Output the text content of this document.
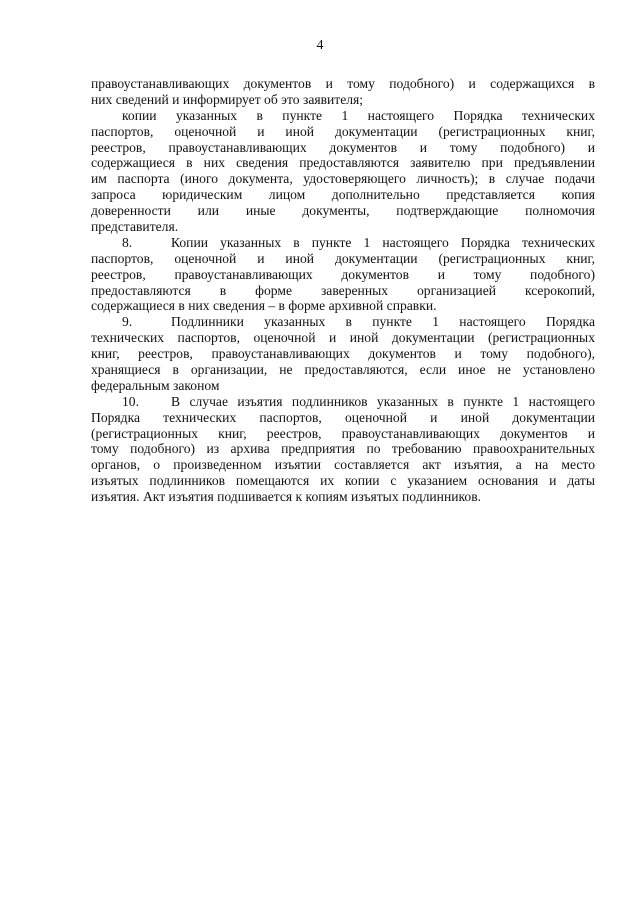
4
правоустанавливающих документов и тому подобного) и содержащихся в
них сведений и информирует об это заявителя;
копии указанных в пункте 1 настоящего Порядка технических
паспортов, оценочной и иной документации (регистрационных книг,
реестров, правоустанавливающих документов и тому подобного) и
содержащиеся в них сведения предоставляются заявителю при предъявлении
им паспорта (иного документа, удостоверяющего личность); в случае подачи
запроса юридическим лицом дополнительно представляется копия
доверенности или иные документы, подтверждающие полномочия
представителя.
8.	Копии указанных в пункте 1 настоящего Порядка технических
паспортов, оценочной и иной документации (регистрационных книг,
реестров, правоустанавливающих документов и тому подобного)
предоставляются в форме заверенных организацией ксерокопий,
содержащиеся в них сведения – в форме архивной справки.
9.	Подлинники указанных в пункте 1 настоящего Порядка
технических паспортов, оценочной и иной документации (регистрационных
книг, реестров, правоустанавливающих документов и тому подобного),
хранящиеся в организации, не предоставляются, если иное не установлено
федеральным законом
10.	В случае изъятия подлинников указанных в пункте 1 настоящего
Порядка технических паспортов, оценочной и иной документации
(регистрационных книг, реестров, правоустанавливающих документов и
тому подобного) из архива предприятия по требованию правоохранительных
органов, о произведенном изъятии составляется акт изъятия, а на место
изъятых подлинников помещаются их копии с указанием основания и даты
изъятия. Акт изъятия подшивается к копиям изъятых подлинников.
